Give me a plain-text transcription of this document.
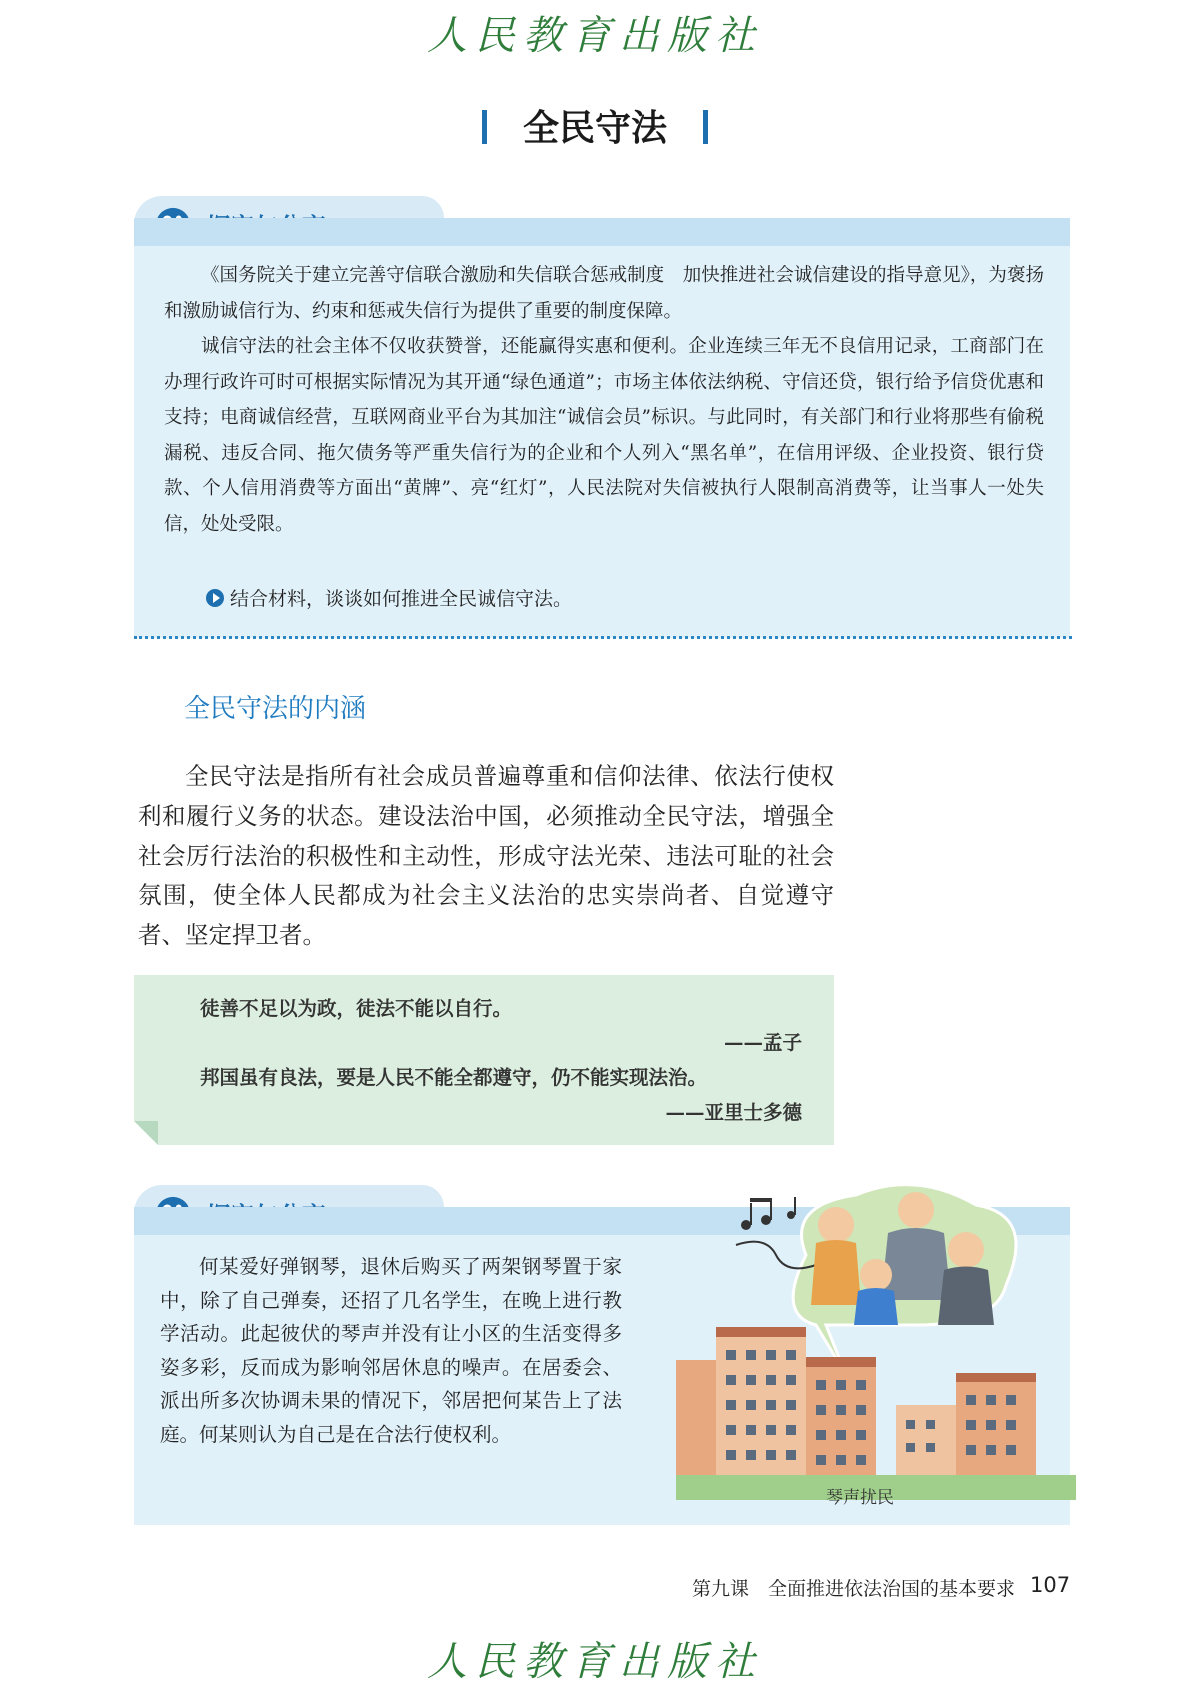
人民教育出版社
全民守法

《国务院关于建立完善守信联合激励和失信联合惩戒制度　加快推进社会诚信建设的指导意见》，为褒扬和激励诚信行为、约束和惩戒失信行为提供了重要的制度保障。

诚信守法的社会主体不仅收获赞誉，还能赢得实惠和便利。企业连续三年无不良信用记录，工商部门在办理行政许可时可根据实际情况为其开通“绿色通道”；市场主体依法纳税、守信还贷，银行给予信贷优惠和支持；电商诚信经营，互联网商业平台为其加注“诚信会员”标识。与此同时，有关部门和行业将那些有偷税漏税、违反合同、拖欠债务等严重失信行为的企业和个人列入“黑名单”，在信用评级、企业投资、银行贷款、个人信用消费等方面出“黄牌”、亮“红灯”，人民法院对失信被执行人限制高消费等，让当事人一处失信，处处受限。

结合材料，谈谈如何推进全民诚信守法。
全民守法的内涵

全民守法是指所有社会成员普遍尊重和信仰法律、依法行使权利和履行义务的状态。建设法治中国，必须推动全民守法，增强全社会厉行法治的积极性和主动性，形成守法光荣、违法可耻的社会氛围，使全体人民都成为社会主义法治的忠实崇尚者、自觉遵守者、坚定捍卫者。

徒善不足以为政，徒法不能以自行。
——孟子
邦国虽有良法，要是人民不能全都遵守，仍不能实现法治。
——亚里士多德

何某爱好弹钢琴，退休后购买了两架钢琴置于家中，除了自己弹奏，还招了几名学生，在晚上进行教学活动。此起彼伏的琴声并没有让小区的生活变得多姿多彩，反而成为影响邻居休息的噪声。在居委会、派出所多次协调未果的情况下，邻居把何某告上了法庭。何某则认为自己是在合法行使权利。

琴声扰民
第九课　全面推进依法治国的基本要求 107
人民教育出版社
